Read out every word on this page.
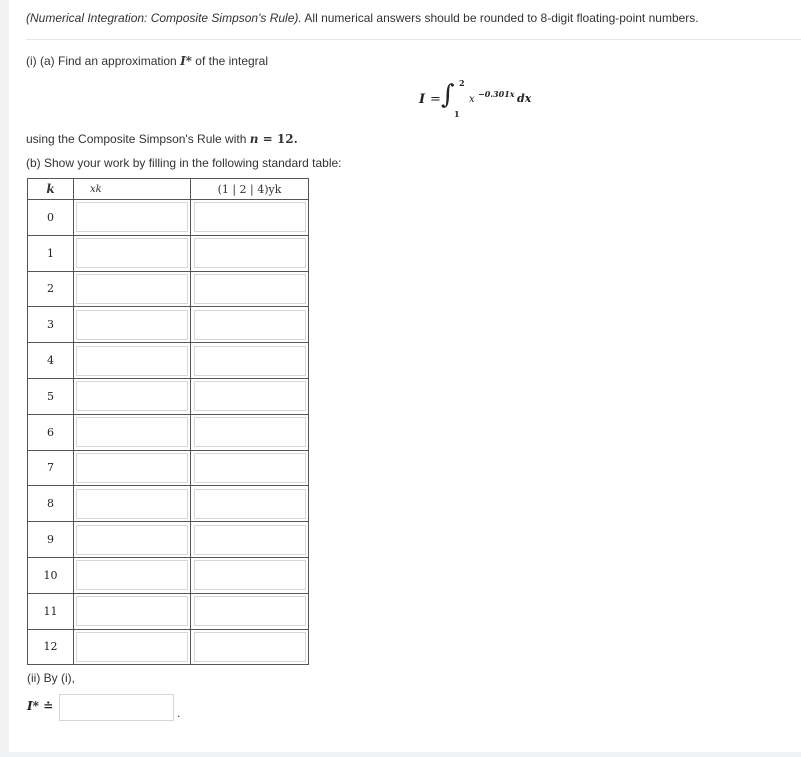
(Numerical Integration: Composite Simpson's Rule). All numerical answers should be rounded to 8-digit floating-point numbers.
(i) (a) Find an approximation I* of the integral
I = ∫ 2
1
x −0.301x dx
using the Composite Simpson's Rule with n = 12.
(b) Show your work by filling in the following standard table:
k	xk	(1 | 2 | 4)yk
0	

1	

2	

3	

4	

5	

6	

7	

8	

9	

10	

11	

12	

(ii) By (i),
I* ≐	.
